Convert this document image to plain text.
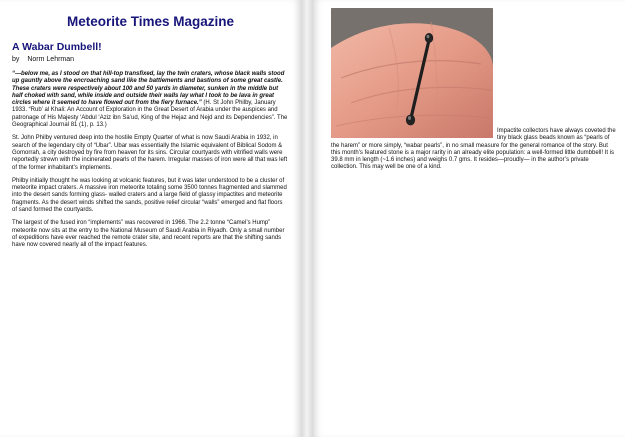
Meteorite Times Magazine
A Wabar Dumbell!
by Norm Lehrman

“—below me, as I stood on that hill-top transfixed, lay the twin craters, whose black walls stood up gauntly above the encroaching sand like the battlements and bastions of some great castle. These craters were respectively about 100 and 50 yards in diameter, sunken in the middle but half choked with sand, while inside and outside their walls lay what I took to be lava in great circles where it seemed to have flowed out from the fiery furnace.” (H. St John Philby, January 1933. “Rub’ al Khali: An Account of Exploration in the Great Desert of Arabia under the auspices and patronage of His Majesty ‘Abdul ‘Aziz ibn Sa’ud, King of the Hejaz and Nejd and its Dependencies”. The Geographical Journal 81 (1), p. 13.)

St. John Philby ventured deep into the hostile Empty Quarter of what is now Saudi Arabia in 1932, in search of the legendary city of “Ubar”. Ubar was essentially the Islamic equivalent of Biblical Sodom & Gomorrah, a city destroyed by fire from heaven for its sins. Circular courtyards with vitrified walls were reportedly strewn with the incinerated pearls of the harem. Irregular masses of iron were all that was left of the former inhabitant’s implements.

Philby initially thought he was looking at volcanic features, but it was later understood to be a cluster of meteorite impact craters. A massive iron meteorite totaling some 3500 tonnes fragmented and slammed into the desert sands forming glass- walled craters and a large field of glassy impactites and meteorite fragments. As the desert winds shifted the sands, positive relief circular “walls” emerged and flat floors of sand formed the courtyards.

The largest of the fused iron “implements” was recovered in 1966. The 2.2 tonne “Camel’s Hump” meteorite now sits at the entry to the National Museum of Saudi Arabia in Riyadh. Only a small number of expeditions have ever reached the remote crater site, and recent reports are that the shifting sands have now covered nearly all of the impact features.

Impactite collectors have always coveted the tiny black glass beads known as “pearls of the harem” or more simply, “wabar pearls”, in no small measure for the general romance of the story. But this month’s featured stone is a major rarity in an already elite population: a well-formed little dumbbell! It is 39.8 mm in length (~1.6 inches) and weighs 0.7 gms. It resides—proudly— in the author’s private collection. This may well be one of a kind.
